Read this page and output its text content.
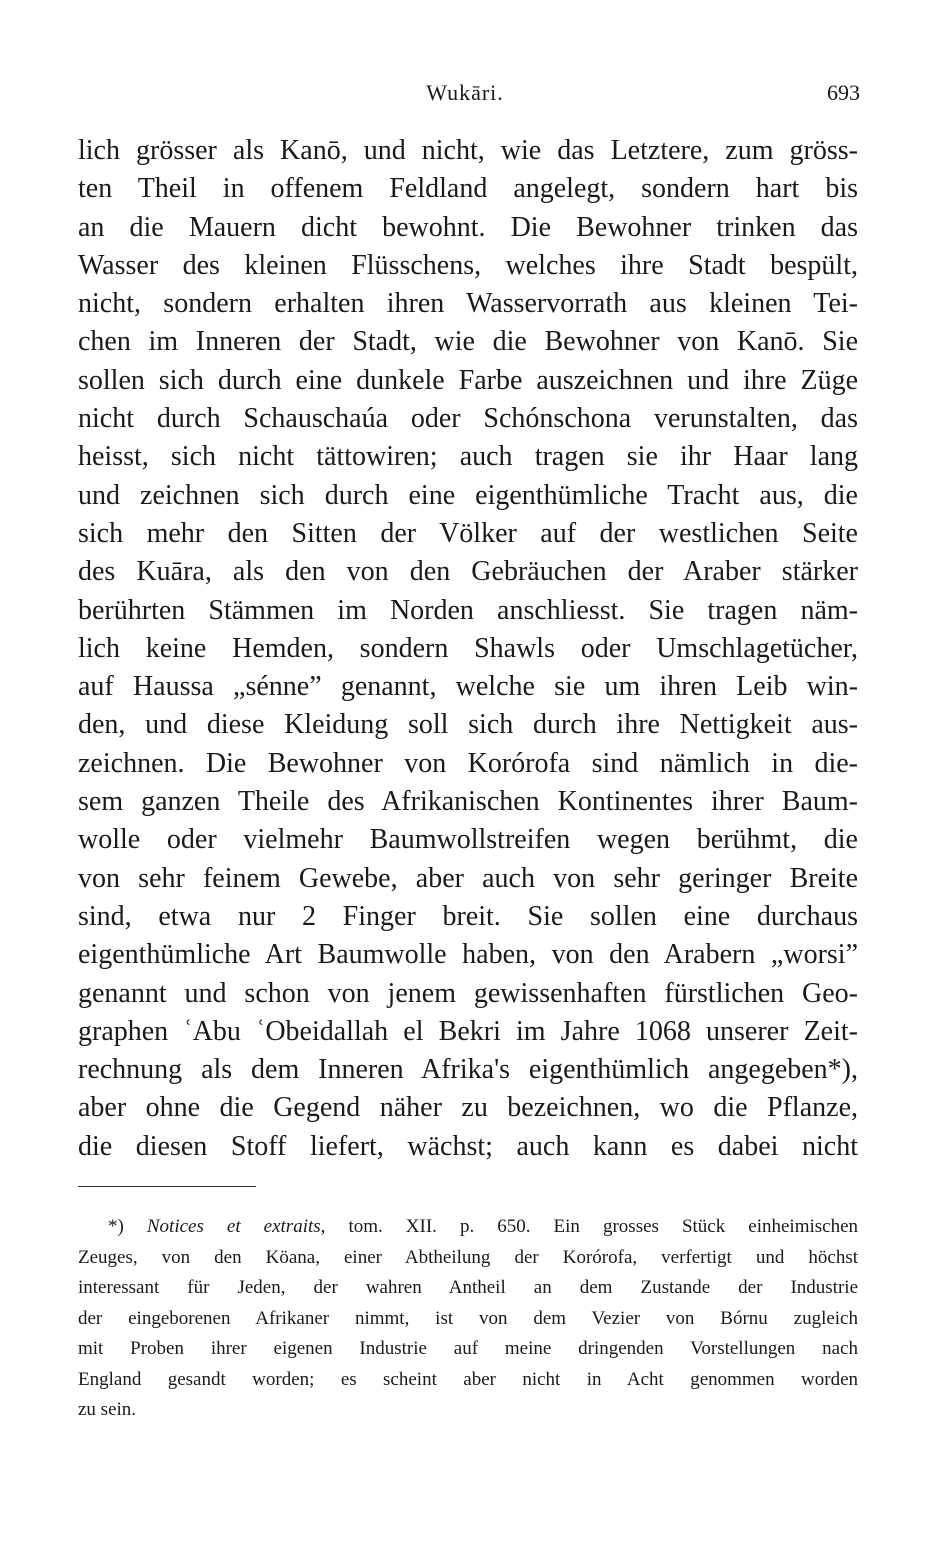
Wukāri.	693
lich grösser als Kanō, und nicht, wie das Letztere, zum gröss-
ten Theil in offenem Feldland angelegt, sondern hart bis
an die Mauern dicht bewohnt. Die Bewohner trinken das
Wasser des kleinen Flüsschens, welches ihre Stadt bespült,
nicht, sondern erhalten ihren Wasservorrath aus kleinen Tei-
chen im Inneren der Stadt, wie die Bewohner von Kanō. Sie
sollen sich durch eine dunkele Farbe auszeichnen und ihre Züge
nicht durch Schauschaúa oder Schónschona verunstalten, das
heisst, sich nicht tättowiren; auch tragen sie ihr Haar lang
und zeichnen sich durch eine eigenthümliche Tracht aus, die
sich mehr den Sitten der Völker auf der westlichen Seite
des Kuāra, als den von den Gebräuchen der Araber stärker
berührten Stämmen im Norden anschliesst. Sie tragen näm-
lich keine Hemden, sondern Shawls oder Umschlagetücher,
auf Haussa „sénne” genannt, welche sie um ihren Leib win-
den, und diese Kleidung soll sich durch ihre Nettigkeit aus-
zeichnen. Die Bewohner von Korórofa sind nämlich in die-
sem ganzen Theile des Afrikanischen Kontinentes ihrer Baum-
wolle oder vielmehr Baumwollstreifen wegen berühmt, die
von sehr feinem Gewebe, aber auch von sehr geringer Breite
sind, etwa nur 2 Finger breit. Sie sollen eine durchaus
eigenthümliche Art Baumwolle haben, von den Arabern „worsi”
genannt und schon von jenem gewissenhaften fürstlichen Geo-
graphen ʿAbu ʿObeidallah el Bekri im Jahre 1068 unserer Zeit-
rechnung als dem Inneren Afrika's eigenthümlich angegeben*),
aber ohne die Gegend näher zu bezeichnen, wo die Pflanze,
die diesen Stoff liefert, wächst; auch kann es dabei nicht
*) Notices et extraits, tom. XII. p. 650. Ein grosses Stück einheimischen
Zeuges, von den Köana, einer Abtheilung der Korórofa, verfertigt und höchst
interessant für Jeden, der wahren Antheil an dem Zustande der Industrie
der eingeborenen Afrikaner nimmt, ist von dem Vezier von Bórnu zugleich
mit Proben ihrer eigenen Industrie auf meine dringenden Vorstellungen nach
England gesandt worden; es scheint aber nicht in Acht genommen worden
zu sein.
